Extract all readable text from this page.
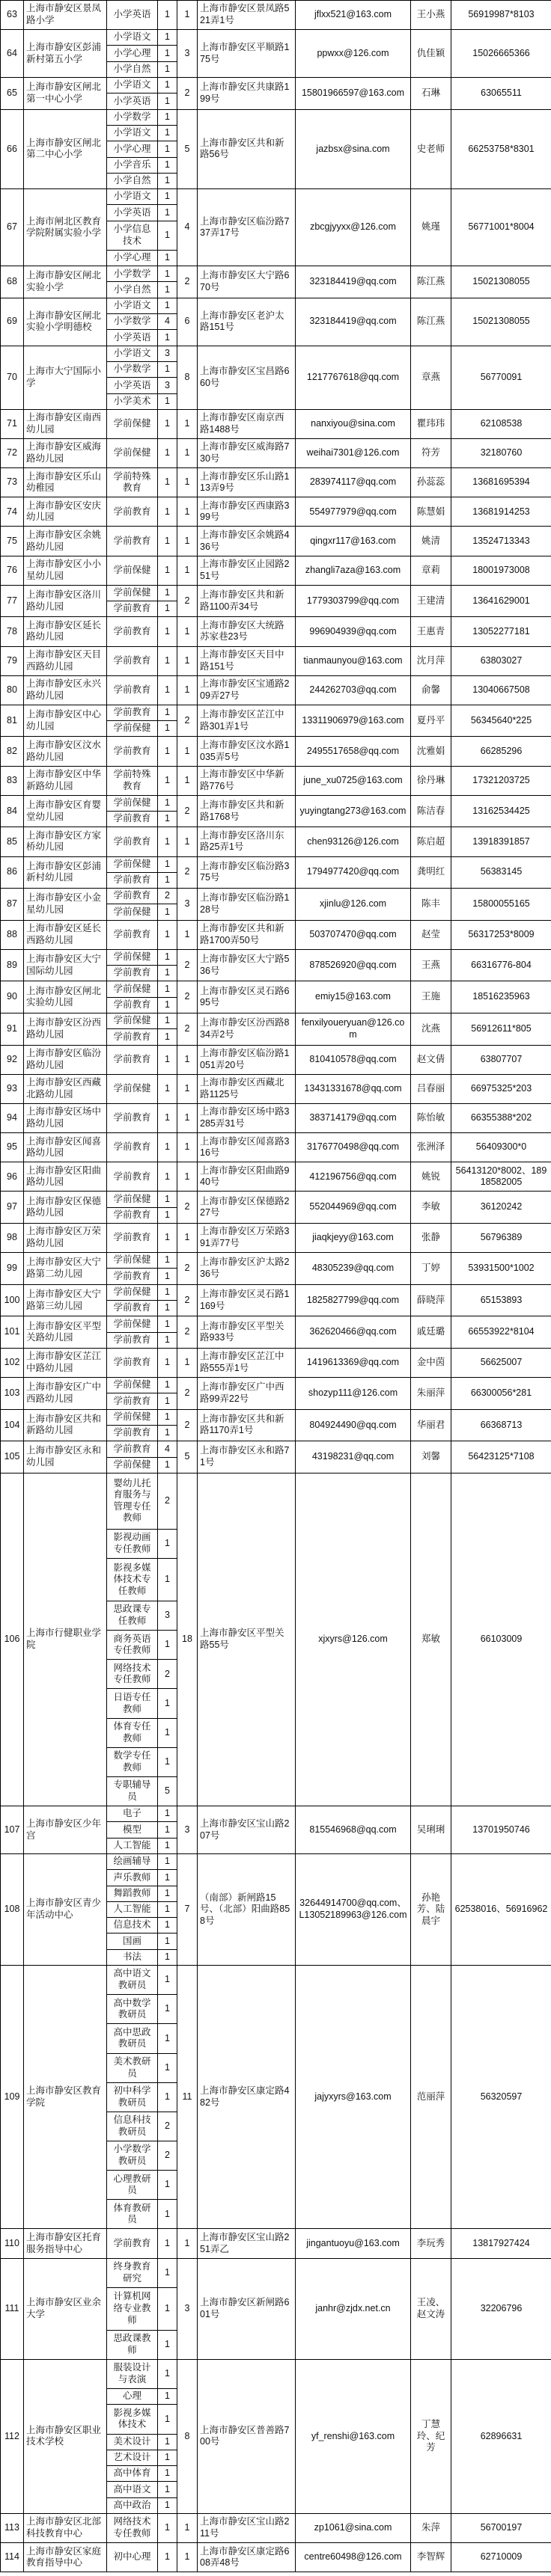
63	上海市静安区景凤路小学	小学英语	1	1	上海市静安区景凤路521弄1号	jflxx521@163.com	王小燕	56919987*8103
64	上海市静安区彭浦新村第五小学	小学语文	1	3	上海市静安区平顺路175号	ppwxx@126.com	仇佳颖	15026665366
		小学心理	1					
		小学自然	1					
65	上海市静安区闸北第一中心小学	小学语文	1	2	上海市静安区共康路199号	15801966597@163.com	石琳	63065511
		小学英语	1					
66	上海市静安区闸北第二中心小学	小学数学	1	5	上海市静安区共和新路56号	jazbsx@sina.com	史老师	66253758*8301
		小学语文	1					
		小学心理	1					
		小学音乐	1					
		小学自然	1					
67	上海市闸北区教育学院附属实验小学	小学语文	1	4	上海市静安区临汾路737弄17号	zbcgjyyxx@126.com	姚瑾	56771001*8004
		小学英语	1					
		小学信息技术	1					
		小学心理	1					
68	上海市静安区闸北实验小学	小学数学	1	2	上海市静安区大宁路670号	323184419@qq.com	陈江燕	15021308055
		小学自然	1					
69	上海市静安区闸北实验小学明德校	小学语文	1	6	上海市静安区老沪太路151号	323184419@qq.com	陈江燕	15021308055
		小学数学	4					
		小学英语	1					
70	上海市大宁国际小学	小学语文	3	8	上海市静安区宝昌路660号	1217767618@qq.com	章燕	56770091
		小学数学	1					
		小学英语	3					
		小学美术	1					
71	上海市静安区南西幼儿园	学前保健	1	1	上海市静安区南京西路1488号	nanxiyou@sina.com	瞿玮玮	62108538
72	上海市静安区威海路幼儿园	学前保健	1	1	上海市静安区威海路730号	weihai7301@126.com	符芳	32180760
73	上海市静安区乐山幼稚园	学前特殊教育	1	1	上海市静安区乐山路113弄9号	283974117@qq.com	孙蕊蕊	13681695394
74	上海市静安区安庆幼儿园	学前教育	1	1	上海市静安区西康路399号	554977979@qq.com	陈慧娟	13681914253
75	上海市静安区余姚路幼儿园	学前教育	1	1	上海市静安区余姚路436号	qingxr117@163.com	姚清	13524713343
76	上海市静安区小小星幼儿园	学前保健	1	1	上海市静安区止园路251号	zhangli7aza@163.com	章莉	18001973008
77	上海市静安区洛川路幼儿园	学前保健	1	2	上海市静安区共和新路1100弄34号	1779303799@qq.com	王建清	13641629001
		学前教育	1					
78	上海市静安区延长路幼儿园	学前教育	1	1	上海市静安区大统路苏家巷23号	996904939@qq.com	王惠青	13052277181
79	上海市静安区天目西路幼儿园	学前教育	1	1	上海市静安区天目中路151号	tianmaunyou@163.com	沈月萍	63803027
80	上海市静安区永兴路幼儿园	学前教育	1	1	上海市静安区宝通路209弄27号	244262703@qq.com	俞馨	13040667508
81	上海市静安区中心幼儿园	学前教育	1	2	上海市静安区芷江中路301弄1号	13311906979@163.com	夏丹平	56345640*225
		学前保健	1					
82	上海市静安区汶水路幼儿园	学前教育	1	1	上海市静安区汶水路1035弄5号	2495517658@qq.com	沈雅娟	66285296
83	上海市静安区中华新路幼儿园	学前特殊教育	1	1	上海市静安区中华新路776号	june_xu0725@163.com	徐丹琳	17321203725
84	上海市静安区育婴堂幼儿园	学前保健	1	2	上海市静安区共和新路1768号	yuyingtang273@163.com	陈洁春	13162534425
		学前教育	1					
85	上海市静安区方家桥幼儿园	学前教育	1	1	上海市静安区洛川东路25弄1号	chen93126@126.com	陈启超	13918391857
86	上海市静安区彭浦新村幼儿园	学前保健	1	2	上海市静安区临汾路375号	1794977420@qq.com	龚明红	56383145
		学前教育	1					
87	上海市静安区小金星幼儿园	学前教育	2	3	上海市静安区临汾路128号	xjinlu@126.com	陈丰	15800055165
		学前保健	1					
88	上海市静安区延长西路幼儿园	学前教育	1	1	上海市静安区共和新路1700弄50号	503707470@qq.com	赵莹	56317253*8009
89	上海市静安区大宁国际幼儿园	学前保健	1	2	上海市静安区大宁路536号	878526920@qq.com	王燕	66316776-804
		学前教育	1					
90	上海市静安区闸北实验幼儿园	学前保健	1	2	上海市静安区灵石路695号	emiy15@163.com	王施	18516235963
		学前教育	1					
91	上海市静安区汾西路幼儿园	学前保健	1	2	上海市静安区汾西路834弄2号	fenxilyoueryuan@126.com	沈燕	56912611*805
		学前教育	1					
92	上海市静安区临汾路幼儿园	学前教育	1	1	上海市静安区临汾路1051弄20号	810410578@qq.com	赵文倩	63807707
93	上海市静安区西藏北路幼儿园	学前保健	1	1	上海市静安区西藏北路1125号	13431331678@qq.com	吕春丽	66975325*203
94	上海市静安区场中路幼儿园	学前教育	1	1	上海市静安区场中路3285弄31号	383714179@qq.com	陈怡敏	66355388*202
95	上海市静安区闻喜路幼儿园	学前教育	1	1	上海市静安区闻喜路316号	3176770498@qq.com	张洲泽	56409300*0
96	上海市静安区阳曲路幼儿园	学前教育	1	1	上海市静安区阳曲路940号	412196756@qq.com	姚锐	56413120*8002、18918582005
97	上海市静安区保德路幼儿园	学前保健	1	2	上海市静安区保德路227号	552044969@qq.com	李敏	36120242
		学前教育	1					
98	上海市静安区万荣路幼儿园	学前教育	1	1	上海市静安区万荣路391弄77号	jiaqkjeyy@163.com	张静	56796389
99	上海市静安区大宁路第二幼儿园	学前保健	1	2	上海市静安区沪太路236号	48305239@qq.com	丁婷	53931500*1002
		学前教育	1					
100	上海市静安区大宁路第三幼儿园	学前保健	1	2	上海市静安区灵石路1169号	1825827799@qq.com	薛晓萍	65153893
		学前教育	1					
101	上海市静安区平型关路幼儿园	学前保健	1	2	上海市静安区平型关路933号	362620466@qq.com	戚廷璐	66553922*8104
		学前教育	1					
102	上海市静安区芷江中路幼儿园	学前教育	1	1	上海市静安区芷江中路555弄1号	1419613369@qq.com	金中茵	56625007
103	上海市静安区广中西路幼儿园	学前保健	1	2	上海市静安区广中西路99弄22号	shozyp111@126.com	朱丽萍	66300056*281
		学前教育	1					
104	上海市静安区共和新路幼儿园	学前保健	1	2	上海市静安区共和新路1170弄1号	804924490@qq.com	华丽君	66368713
		学前教育	1					
105	上海市静安区永和幼儿园	学前教育	4	5	上海市静安区永和路71号	43198231@qq.com	刘馨	56423125*7108
		学前保健	1					
106	上海市行健职业学院	婴幼儿托育服务与管理专任教师	2	18	上海市静安区平型关路55号	xjxyrs@126.com	郑敏	66103009
		影视动画专任教师	1					
		影视多媒体技术专任教师	1					
		思政课专任教师	3					
		商务英语专任教师	1					
		网络技术专任教师	2					
		日语专任教师	1					
		体育专任教师	1					
		数学专任教师	1					
		专职辅导员	5					
107	上海市静安区少年宫	电子	1	3	上海市静安区宝山路207号	815546968@qq.com	吴琍琍	13701950746
		模型	1					
		人工智能	1					
108	上海市静安区青少年活动中心	绘画辅导	1	7	（南部）新闸路15号、（北部）阳曲路858号	32644914700@qq.com、L13052189963@126.com	孙艳芳、陆晨宇	62538016、56916962
		声乐教师	1					
		舞蹈教师	1					
		人工智能	1					
		信息技术	1					
		国画	1					
		书法	1					
109	上海市静安区教育学院	高中语文教研员	1	11	上海市静安区康定路482号	jajyxyrs@163.com	范丽萍	56320597
		高中数学教研员	1					
		高中思政教研员	1					
		美术教研员	1					
		初中科学教研员	1					
		信息科技教研员	2					
		小学数学教研员	2					
		心理教研员	1					
		体育教研员	1					
110	上海市静安区托育服务指导中心	学前教育	1	1	上海市静安区宝山路251弄乙	jingantuoyu@163.com	李玩秀	13817927424
111	上海市静安区业余大学	终身教育研究	1	3	上海市静安区新闸路601号	janhr@zjdx.net.cn	王凌、赵文涛	32206796
		计算机网络专业教师	1					
		思政课教师	1					
112	上海市静安区职业技术学校	服装设计与表演	1	8	上海市静安区普善路700号	yf_renshi@163.com	丁慧玲、纪芳	62896631
		心理	1					
		影视多媒体技术	1					
		美术设计	1					
		艺术设计	1					
		高中体育	1					
		高中语文	1					
		高中政治	1					
113	上海市静安区北部科技教育中心	网络技术专任教师	1	1	上海市静安区宝山路211号	zp1061@sina.com	朱萍	56700197
114	上海市静安区家庭教育指导中心	初中心理	1	1	上海市静安区康定路608弄48号	centre60498@126.com	李智辉	62710009
